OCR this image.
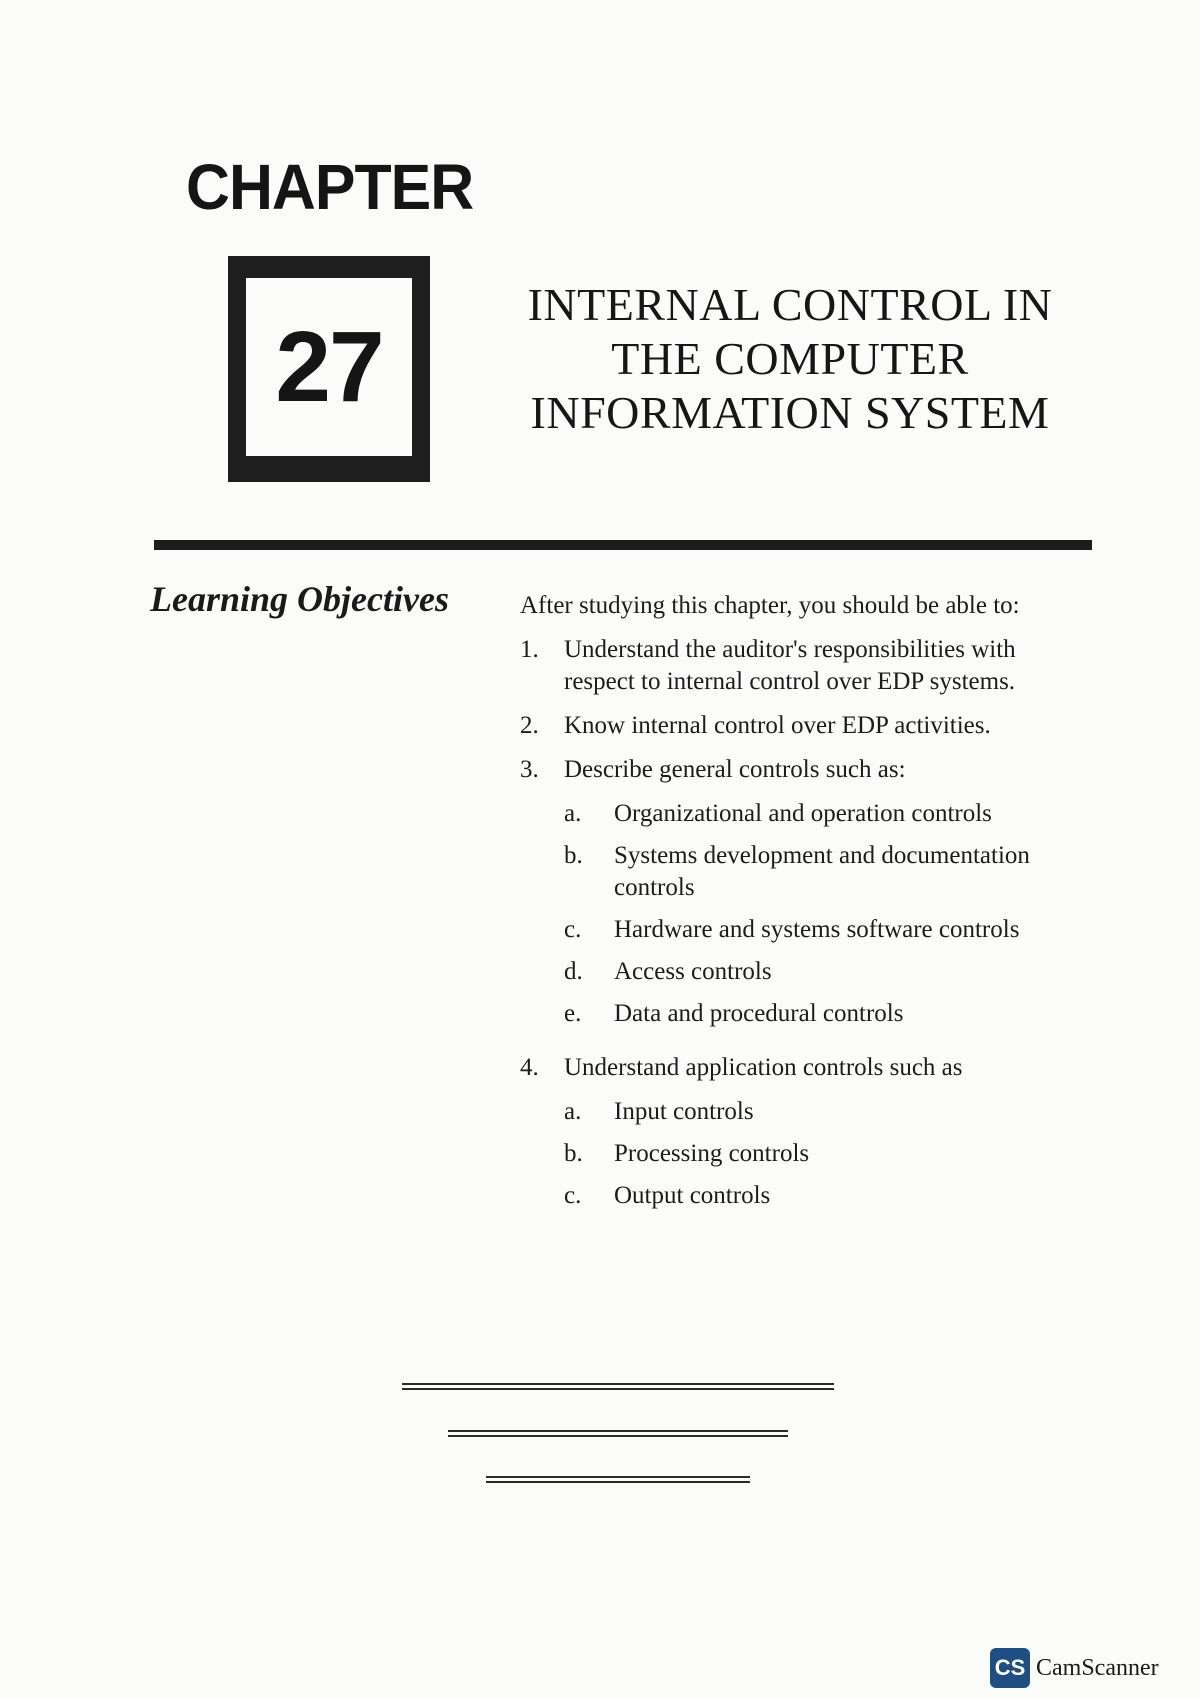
CHAPTER
27
INTERNAL CONTROL IN
THE COMPUTER
INFORMATION SYSTEM
Learning Objectives	After studying this chapter, you should be able to:

1.	Understand the auditor's responsibilities with respect to internal control over EDP systems.
2.	Know internal control over EDP activities.
3.	Describe general controls such as:
a.	Organizational and operation controls
b.	Systems development and documentation controls
c.	Hardware and systems software controls
d.	Access controls
e.	Data and procedural controls
4.	Understand application controls such as
a.	Input controls
b.	Processing controls
c.	Output controls
CS CamScanner
